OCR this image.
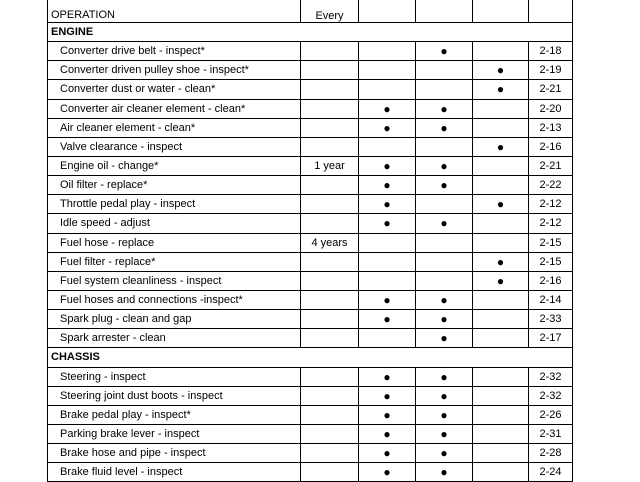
OPERATION	Every				
ENGINE					
Converter drive belt - inspect*			●		2-18
Converter driven pulley shoe - inspect*				●	2-19
Converter dust or water - clean*				●	2-21
Converter air cleaner element - clean*		●	●		2-20
Air cleaner element - clean*		●	●		2-13
Valve clearance - inspect				●	2-16
Engine oil - change*	1 year	●	●		2-21
Oil filter - replace*		●	●		2-22
Throttle pedal play - inspect		●		●	2-12
Idle speed - adjust		●	●		2-12
Fuel hose - replace	4 years				2-15
Fuel filter - replace*				●	2-15
Fuel system cleanliness - inspect				●	2-16
Fuel hoses and connections -inspect*		●	●		2-14
Spark plug - clean and gap		●	●		2-33
Spark arrester - clean			●		2-17
CHASSIS					
Steering - inspect		●	●		2-32
Steering joint dust boots - inspect		●	●		2-32
Brake pedal play - inspect*		●	●		2-26
Parking brake lever - inspect		●	●		2-31
Brake hose and pipe - inspect		●	●		2-28
Brake fluid level - inspect		●	●		2-24
